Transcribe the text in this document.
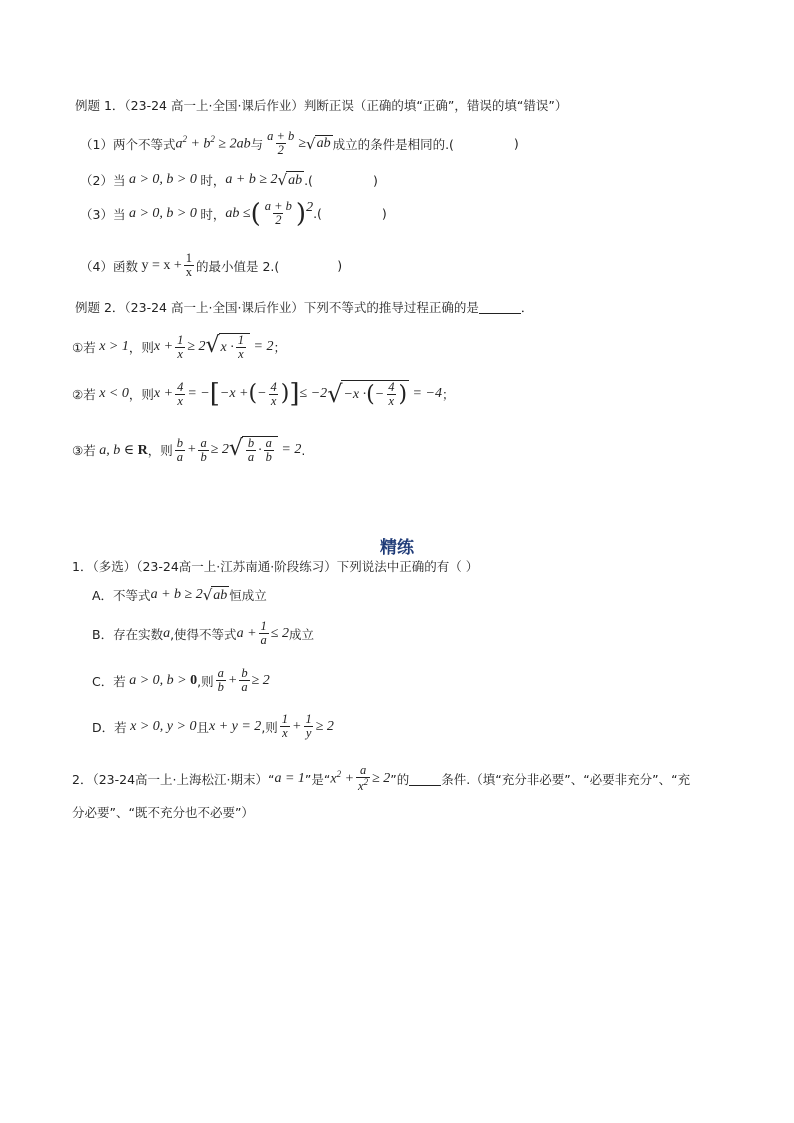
例题 1．（23-24 高一上·全国·课后作业）判断正误（正确的填“正确”，错误的填“错误”）
（1）两个不等式 $a^2 + b^2 \ge 2ab$ 与 $\frac{a + b}{2}$ ≥ √ ab 成立的条件是相同的.(	)
（2）当 a > 0, b > 0 时， a + b ≥ 2 √ ab .(	)
（3）当 a > 0, b > 0 时， ab ≤ ( $\frac{a + b}{2}$ ) 2 .(	)
（4）函数 $y = x + \frac{1}{x}$ 的最小值是 2.(	)
例题 2．（23-24 高一上·全国·课后作业）下列不等式的推导过程正确的是	．
①若 x > 1 ，则 $x + \frac{1}{x} \ge 2$ √ $x \cdot \frac{1}{x} = 2$ ；
②若 x < 0 ，则 $x + \frac{4}{x}$ = − [ −x + ( − $\frac{4}{x}$ ) ] ≤ −2 √ −x · ( − $\frac{4}{x}$ ) = −4 ；
③若 a, b ∈ R ，则 $\frac{b}{a} + \frac{a}{b} \ge 2$ √ $\frac{b}{a} \cdot \frac{a}{b} = 2$ .
精练
1．（多选）（23-24高一上·江苏南通·阶段练习）下列说法中正确的有（ ）
A．不等式 a + b ≥ 2 √ ab 恒成立
B．存在实数 a ,使得不等式 $a + \frac{1}{a} \le 2$ 成立
C．若 a > 0, b > 0 ,则 $\frac{a}{b} + \frac{b}{a} \ge 2$
D．若 x > 0, y > 0 且 x + y = 2 ,则 $\frac{1}{x} + \frac{1}{y} \ge 2$
2．（23-24高一上·上海松江·期末）“ a = 1 ”是“ $x^2 + \frac{a}{x^2} \ge 2$ ”的	条件.（填“充分非必要”、“必要非充分”、“充
分必要”、“既不充分也不必要”）
